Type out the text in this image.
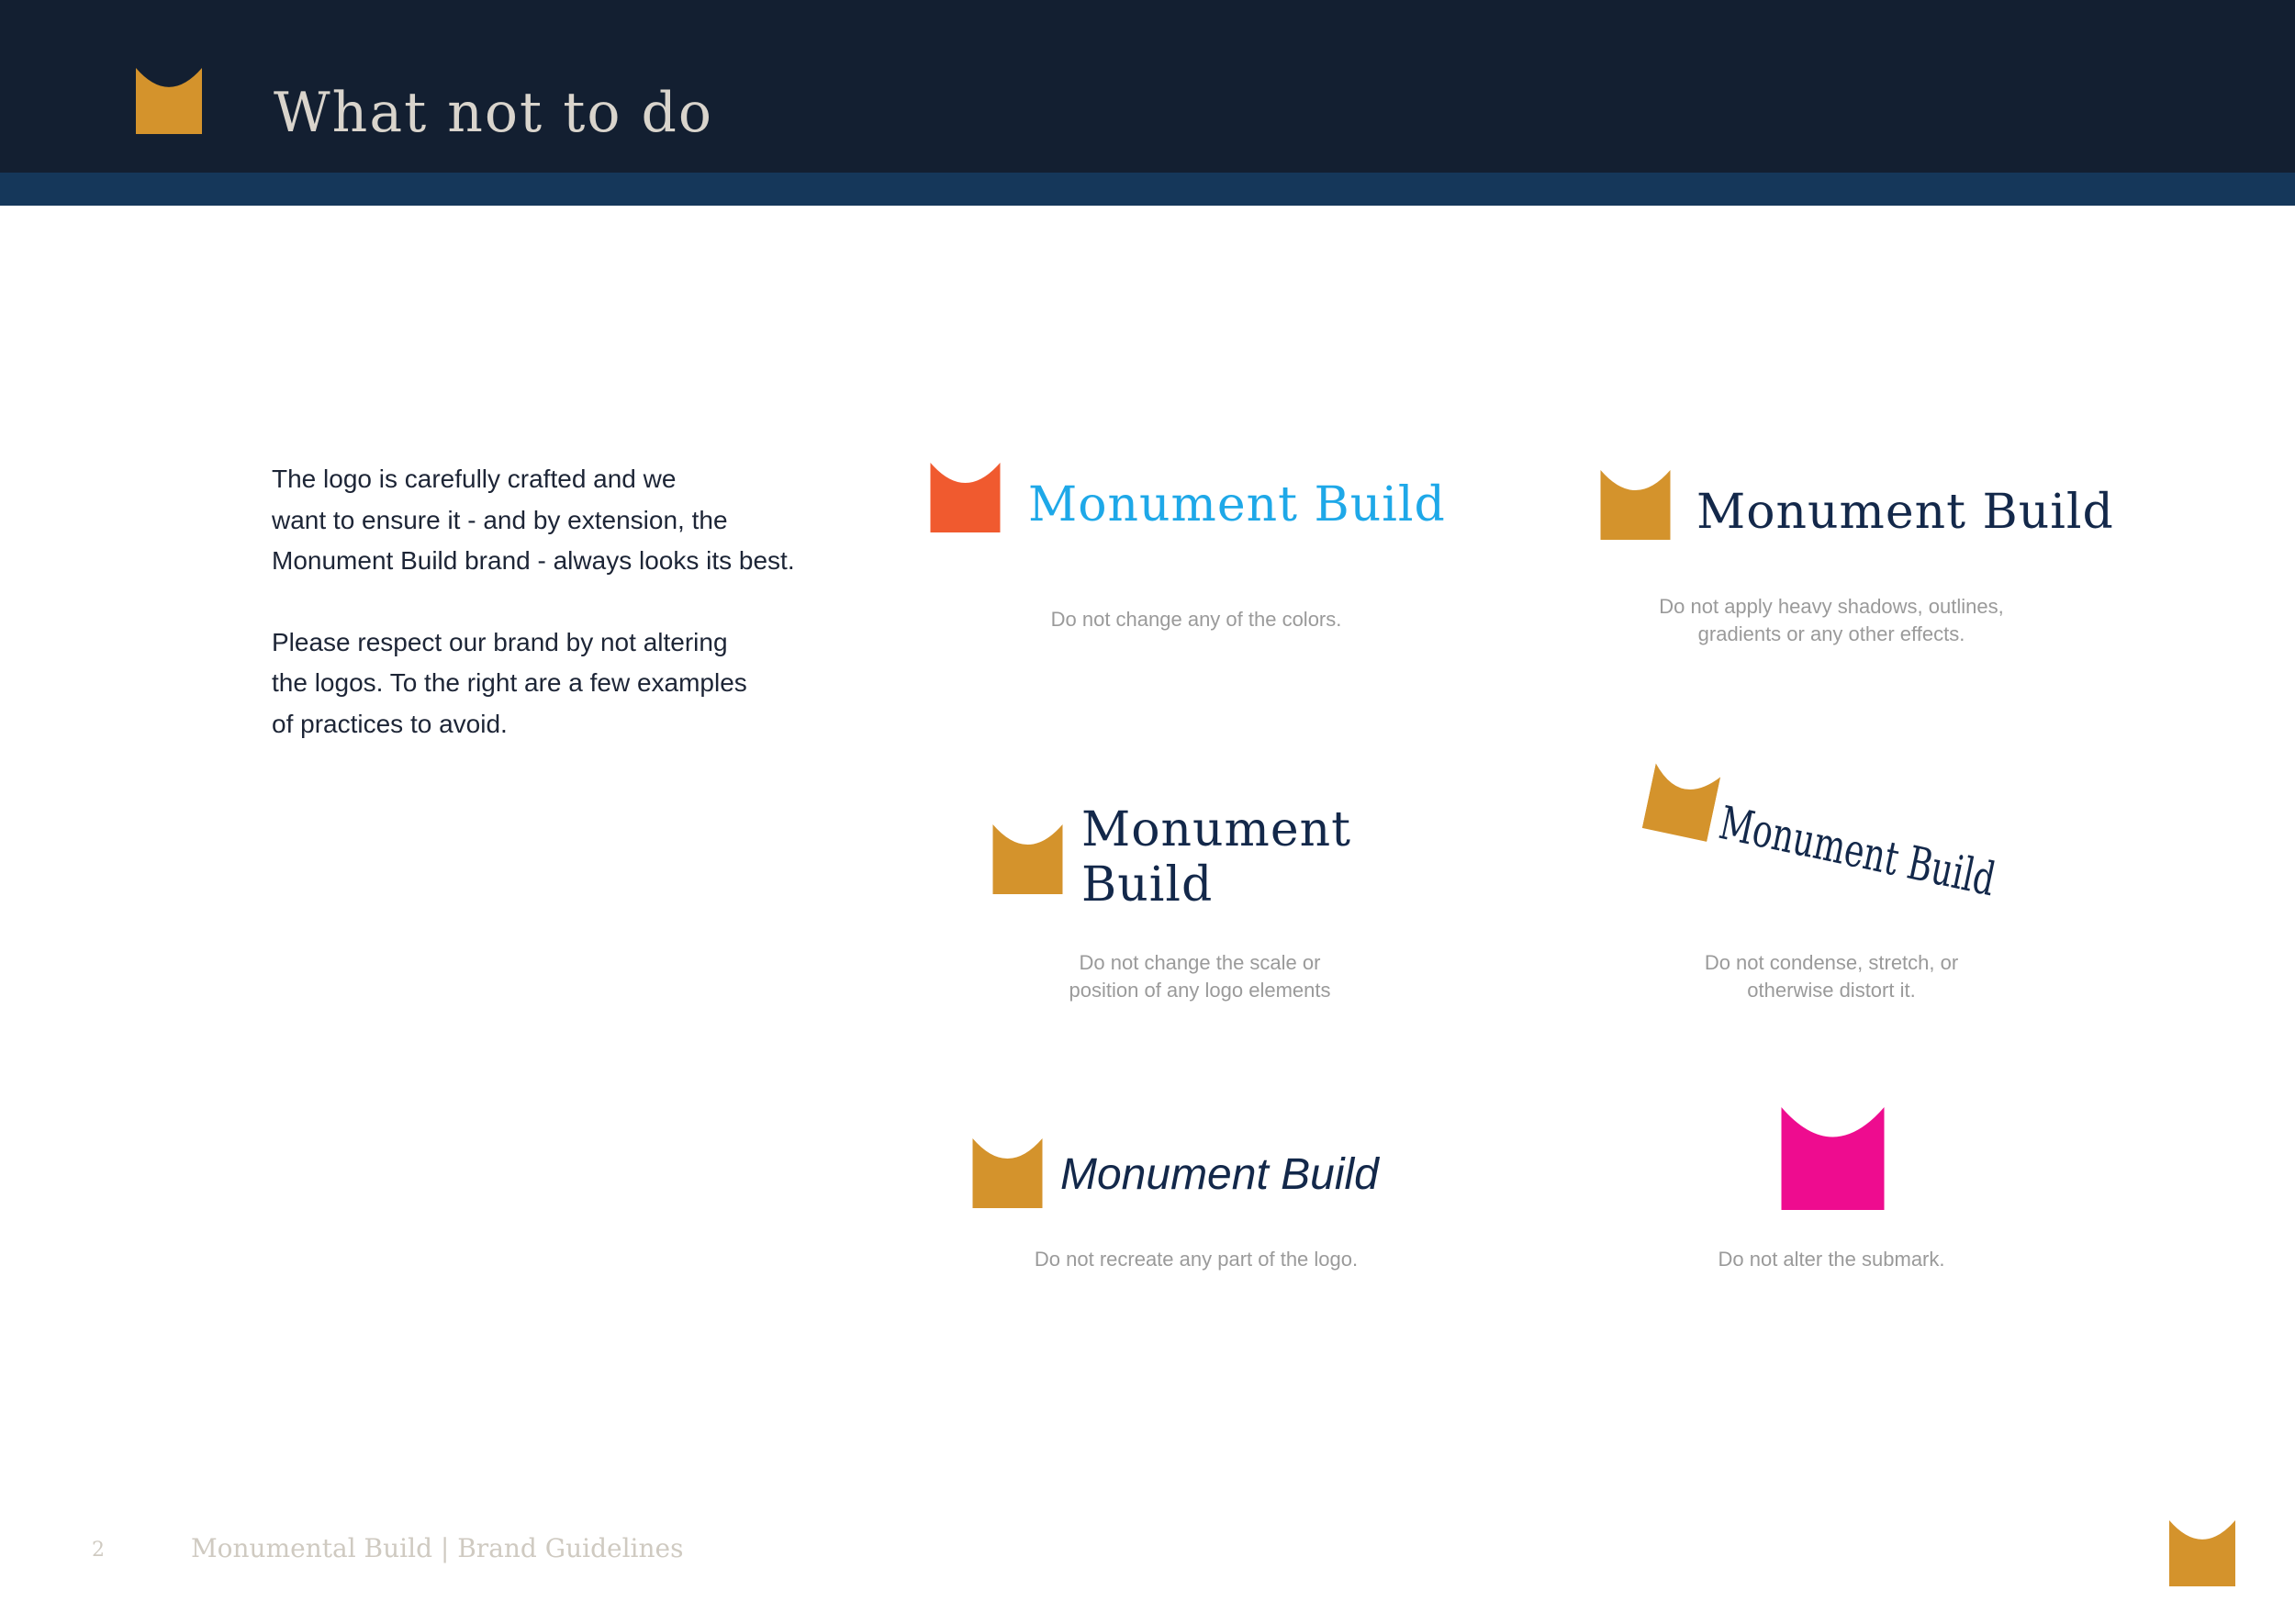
What not to do

The logo is carefully crafted and we
want to ensure it - and by extension, the
Monument Build brand - always looks its best.

Please respect our brand by not altering
the logos. To the right are a few examples
of practices to avoid.

Monument Build
Do not change any of the colors.
Monument Build
Do not apply heavy shadows, outlines,
gradients or any other effects.
Monument
Build
Do not change the scale or
position of any logo elements
Monument Build
Do not condense, stretch, or
otherwise distort it.
Monument Build
Do not recreate any part of the logo.	Do not alter the submark.
2	Monumental Build | Brand Guidelines
